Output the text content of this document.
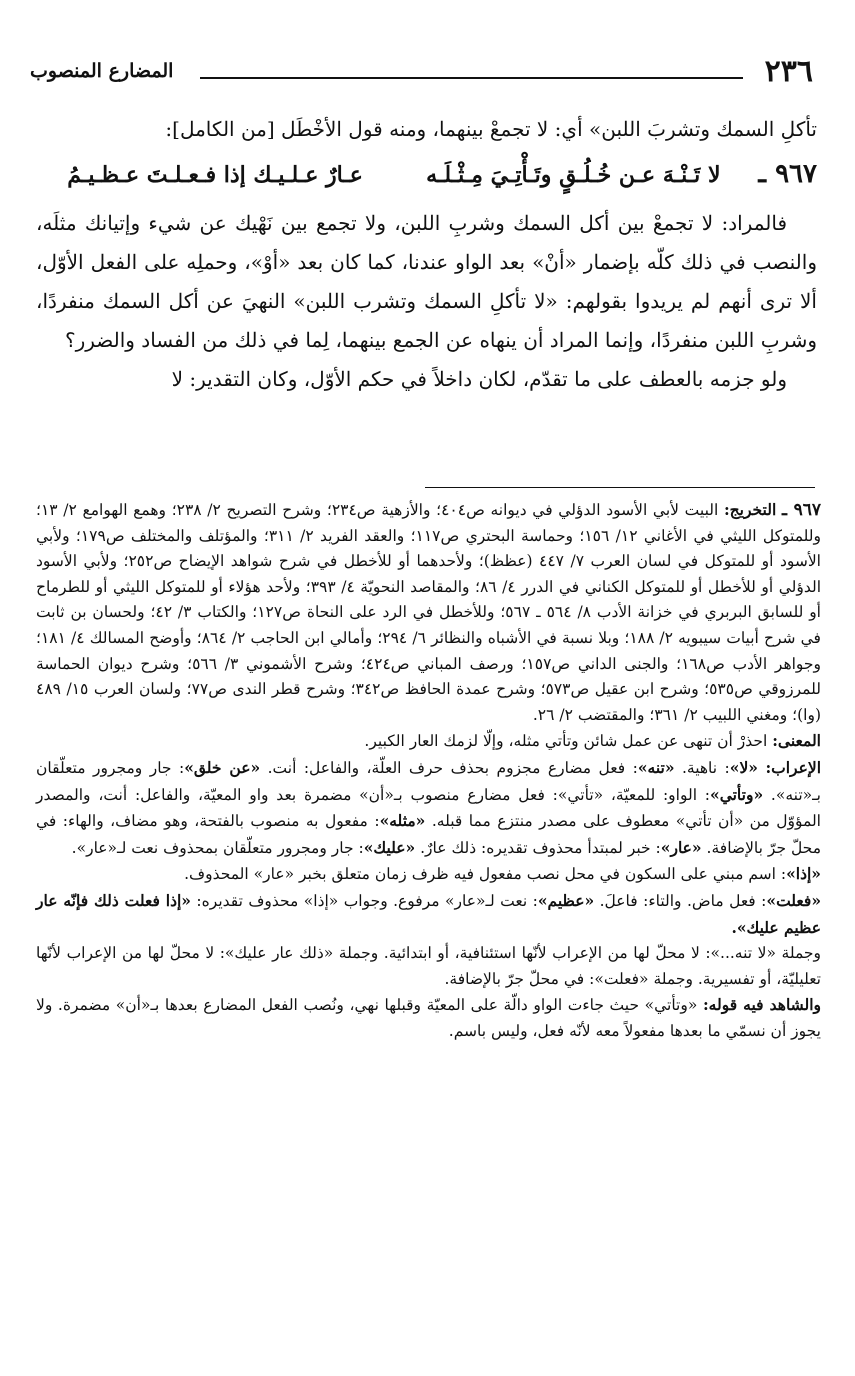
٢٣٦
المضارع المنصوب

تأكلِ السمك وتشربَ اللبن» أي: لا تجمعْ بينهما، ومنه قول الأخْطَل [من الكامل]:

٩٦٧ ـ
لا تَـنْـهَ عـن خُـلُـقٍ وتَـأْتِـيَ مِـثْـلَـه
عـارٌ عـلـيـك إذا فـعـلـتَ عـظـيـمُ

فالمراد: لا تجمعْ بين أكل السمك وشربِ اللبن، ولا تجمع بين نَهْيك عن شيء وإتيانك مثلَه، والنصب في ذلك كلّه بإضمار «أنْ» بعد الواو عندنا، كما كان بعد «أوْ»، وحملِه على الفعل الأوّل، ألا ترى أنهم لم يريدوا بقولهم: «لا تأكلِ السمك وتشرب اللبن» النهيَ عن أكل السمك منفردًا، وشربِ اللبن منفردًا، وإنما المراد أن ينهاه عن الجمع بينهما، لِما في ذلك من الفساد والضرر؟

ولو جزمه بالعطف على ما تقدّم، لكان داخلاً في حكم الأوّل، وكان التقدير: لا

٩٦٧ ـ التخريج: البيت لأبي الأسود الدؤلي في ديوانه ص٤٠٤؛ والأزهية ص٢٣٤؛ وشرح التصريح ٢/ ٢٣٨؛ وهمع الهوامع ٢/ ١٣؛ وللمتوكل الليثي في الأغاني ١٢/ ١٥٦؛ وحماسة البحتري ص١١٧؛ والعقد الفريد ٢/ ٣١١؛ والمؤتلف والمختلف ص١٧٩؛ ولأبي الأسود أو للمتوكل في لسان العرب ٧/ ٤٤٧ (عظظ)؛ ولأحدهما أو للأخطل في شرح شواهد الإيضاح ص٢٥٢؛ ولأبي الأسود الدؤلي أو للأخطل أو للمتوكل الكناني في الدرر ٤/ ٨٦؛ والمقاصد النحويّة ٤/ ٣٩٣؛ ولأحد هؤلاء أو للمتوكل الليثي أو للطرماح أو للسابق البربري في خزانة الأدب ٨/ ٥٦٤ ـ ٥٦٧؛ وللأخطل في الرد على النحاة ص١٢٧؛ والكتاب ٣/ ٤٢؛ ولحسان بن ثابت في شرح أبيات سيبويه ٢/ ١٨٨؛ وبلا نسبة في الأشباه والنظائر ٦/ ٢٩٤؛ وأمالي ابن الحاجب ٢/ ٨٦٤؛ وأوضح المسالك ٤/ ١٨١؛ وجواهر الأدب ص١٦٨؛ والجنى الداني ص١٥٧؛ ورصف المباني ص٤٢٤؛ وشرح الأشموني ٣/ ٥٦٦؛ وشرح ديوان الحماسة للمرزوقي ص٥٣٥؛ وشرح ابن عقيل ص٥٧٣؛ وشرح عمدة الحافظ ص٣٤٢؛ وشرح قطر الندى ص٧٧؛ ولسان العرب ١٥/ ٤٨٩ (وا)؛ ومغني اللبيب ٢/ ٣٦١؛ والمقتضب ٢/ ٢٦.

المعنى: احذرْ أن تنهى عن عمل شائن وتأتي مثله، وإلّا لزمك العار الكبير.

الإعراب: «لا»: ناهية. «تنه»: فعل مضارع مجزوم بحذف حرف العلّة، والفاعل: أنت. «عن خلق»: جار ومجرور متعلّقان بـ«تنه». «وتأتي»: الواو: للمعيّة، «تأتي»: فعل مضارع منصوب بـ«أن» مضمرة بعد واو المعيّة، والفاعل: أنت، والمصدر المؤوّل من «أن تأتي» معطوف على مصدر منتزع مما قبله. «مثله»: مفعول به منصوب بالفتحة، وهو مضاف، والهاء: في محلّ جرّ بالإضافة. «عار»: خبر لمبتدأ محذوف تقديره: ذلك عارٌ. «عليك»: جار ومجرور متعلّقان بمحذوف نعت لـ«عار».

«إذا»: اسم مبني على السكون في محل نصب مفعول فيه ظرف زمان متعلق بخبر «عار» المحذوف.

«فعلت»: فعل ماض. والتاء: فاعلَ. «عظيم»: نعت لـ«عار» مرفوع. وجواب «إذا» محذوف تقديره: «إذا فعلت ذلك فإنّه عار عظيم عليك».

وجملة «لا تنه...»: لا محلّ لها من الإعراب لأنّها استئنافية، أو ابتدائية. وجملة «ذلك عار عليك»: لا محلّ لها من الإعراب لأنّها تعليليّة، أو تفسيرية. وجملة «فعلت»: في محلّ جرّ بالإضافة.

والشاهد فيه قوله: «وتأتي» حيث جاءت الواو دالّة على المعيّة وقبلها نهي، ونُصب الفعل المضارع بعدها بـ«أن» مضمرة. ولا يجوز أن نسمّي ما بعدها مفعولاً معه لأنّه فعل، وليس باسم.
